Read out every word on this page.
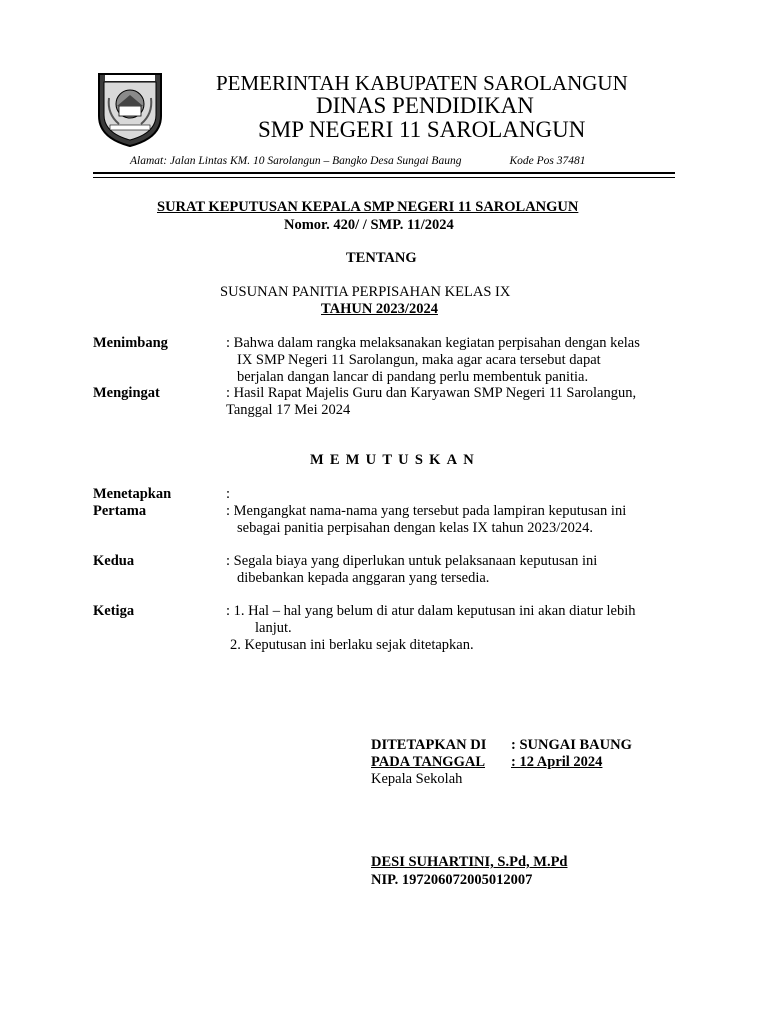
PEMERINTAH KABUPATEN SAROLANGUN
DINAS PENDIDIKAN
SMP NEGERI 11 SAROLANGUN
Alamat: Jalan Lintas KM. 10 Sarolangun – Bangko Desa Sungai Baung	Kode Pos 37481
SURAT KEPUTUSAN KEPALA SMP NEGERI 11 SAROLANGUN
Nomor. 420/ / SMP. 11/2024
TENTANG
SUSUNAN PANITIA PERPISAHAN KELAS IX
TAHUN 2023/2024
Menimbang	: Bahwa dalam rangka melaksanakan kegiatan perpisahan dengan kelas
IX SMP Negeri 11 Sarolangun, maka agar acara tersebut dapat
berjalan dangan lancar di pandang perlu membentuk panitia.
Mengingat	: Hasil Rapat Majelis Guru dan Karyawan SMP Negeri 11 Sarolangun,
Tanggal 17 Mei 2024
MEMUTUSKAN
Menetapkan	:
Pertama	: Mengangkat nama-nama yang tersebut pada lampiran keputusan ini
sebagai panitia perpisahan dengan kelas IX tahun 2023/2024.
Kedua	: Segala biaya yang diperlukan untuk pelaksanaan keputusan ini
dibebankan kepada anggaran yang tersedia.
Ketiga	: 1. Hal – hal yang belum di atur dalam keputusan ini akan diatur lebih
lanjut.
2. Keputusan ini berlaku sejak ditetapkan.
DITETAPKAN DI : SUNGAI BAUNG
PADA TANGGAL : 12 April 2024
Kepala Sekolah
DESI SUHARTINI, S.Pd, M.Pd
NIP. 197206072005012007
